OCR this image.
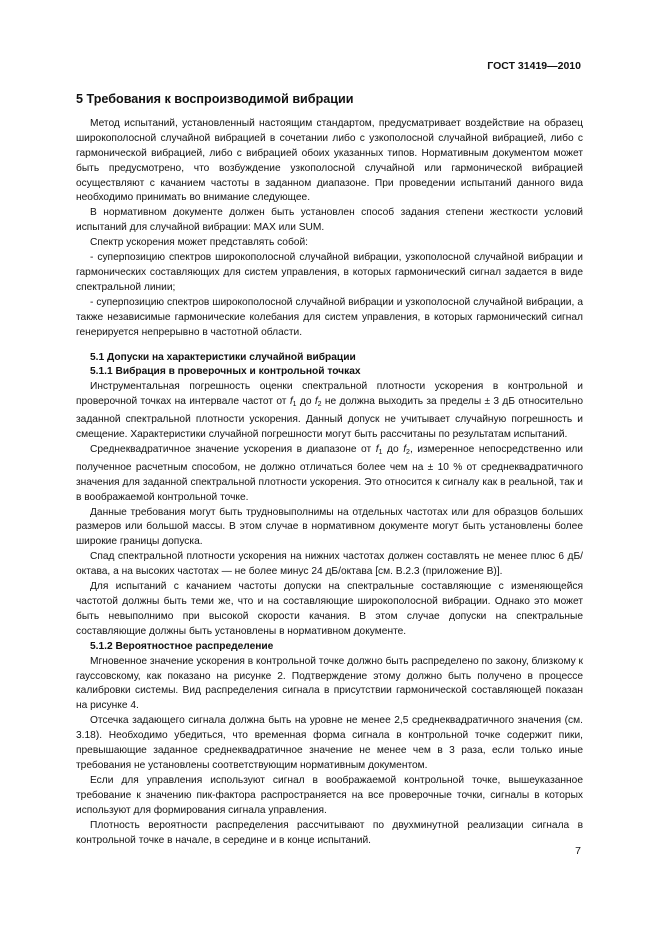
ГОСТ 31419—2010

5 Требования к воспроизводимой вибрации

Метод испытаний, установленный настоящим стандартом, предусматривает воздействие на образец широкополосной случайной вибрацией в сочетании либо с узкополосной случайной вибрацией, либо с гармонической вибрацией, либо с вибрацией обоих указанных типов. Нормативным документом может быть предусмотрено, что возбуждение узкополосной случайной или гармонической вибрацией осуществляют с качанием частоты в заданном диапазоне. При проведении испытаний данного вида необходимо принимать во внимание следующее.

В нормативном документе должен быть установлен способ задания степени жесткости условий испытаний для случайной вибрации: MAX или SUM.

Спектр ускорения может представлять собой:

- суперпозицию спектров широкополосной случайной вибрации, узкополосной случайной вибрации и гармонических составляющих для систем управления, в которых гармонический сигнал задается в виде спектральной линии;

- суперпозицию спектров широкополосной случайной вибрации и узкополосной случайной вибрации, а также независимые гармонические колебания для систем управления, в которых гармонический сигнал генерируется непрерывно в частотной области.

5.1 Допуски на характеристики случайной вибрации

5.1.1 Вибрация в проверочных и контрольной точках

Инструментальная погрешность оценки спектральной плотности ускорения в контрольной и проверочной точках на интервале частот от $f_1$ до $f_2$ не должна выходить за пределы ± 3 дБ относительно заданной спектральной плотности ускорения. Данный допуск не учитывает случайную погрешность и смещение. Характеристики случайной погрешности могут быть рассчитаны по результатам испытаний.

Среднеквадратичное значение ускорения в диапазоне от $f_1$ до $f_2$, измеренное непосредственно или полученное расчетным способом, не должно отличаться более чем на ± 10 % от среднеквадратичного значения для заданной спектральной плотности ускорения. Это относится к сигналу как в реальной, так и в воображаемой контрольной точке.

Данные требования могут быть трудновыполнимы на отдельных частотах или для образцов больших размеров или большой массы. В этом случае в нормативном документе могут быть установлены более широкие границы допуска.

Спад спектральной плотности ускорения на нижних частотах должен составлять не менее плюс 6 дБ/октава, а на высоких частотах — не более минус 24 дБ/октава [см. В.2.3 (приложение В)].

Для испытаний с качанием частоты допуски на спектральные составляющие с изменяющейся частотой должны быть теми же, что и на составляющие широкополосной вибрации. Однако это может быть невыполнимо при высокой скорости качания. В этом случае допуски на спектральные составляющие должны быть установлены в нормативном документе.

5.1.2 Вероятностное распределение

Мгновенное значение ускорения в контрольной точке должно быть распределено по закону, близкому к гауссовскому, как показано на рисунке 2. Подтверждение этому должно быть получено в процессе калибровки системы. Вид распределения сигнала в присутствии гармонической составляющей показан на рисунке 4.

Отсечка задающего сигнала должна быть на уровне не менее 2,5 среднеквадратичного значения (см. 3.18). Необходимо убедиться, что временная форма сигнала в контрольной точке содержит пики, превышающие заданное среднеквадратичное значение не менее чем в 3 раза, если только иные требования не установлены соответствующим нормативным документом.

Если для управления используют сигнал в воображаемой контрольной точке, вышеуказанное требование к значению пик-фактора распространяется на все проверочные точки, сигналы в которых используют для формирования сигнала управления.

Плотность вероятности распределения рассчитывают по двухминутной реализации сигнала в контрольной точке в начале, в середине и в конце испытаний.

7
